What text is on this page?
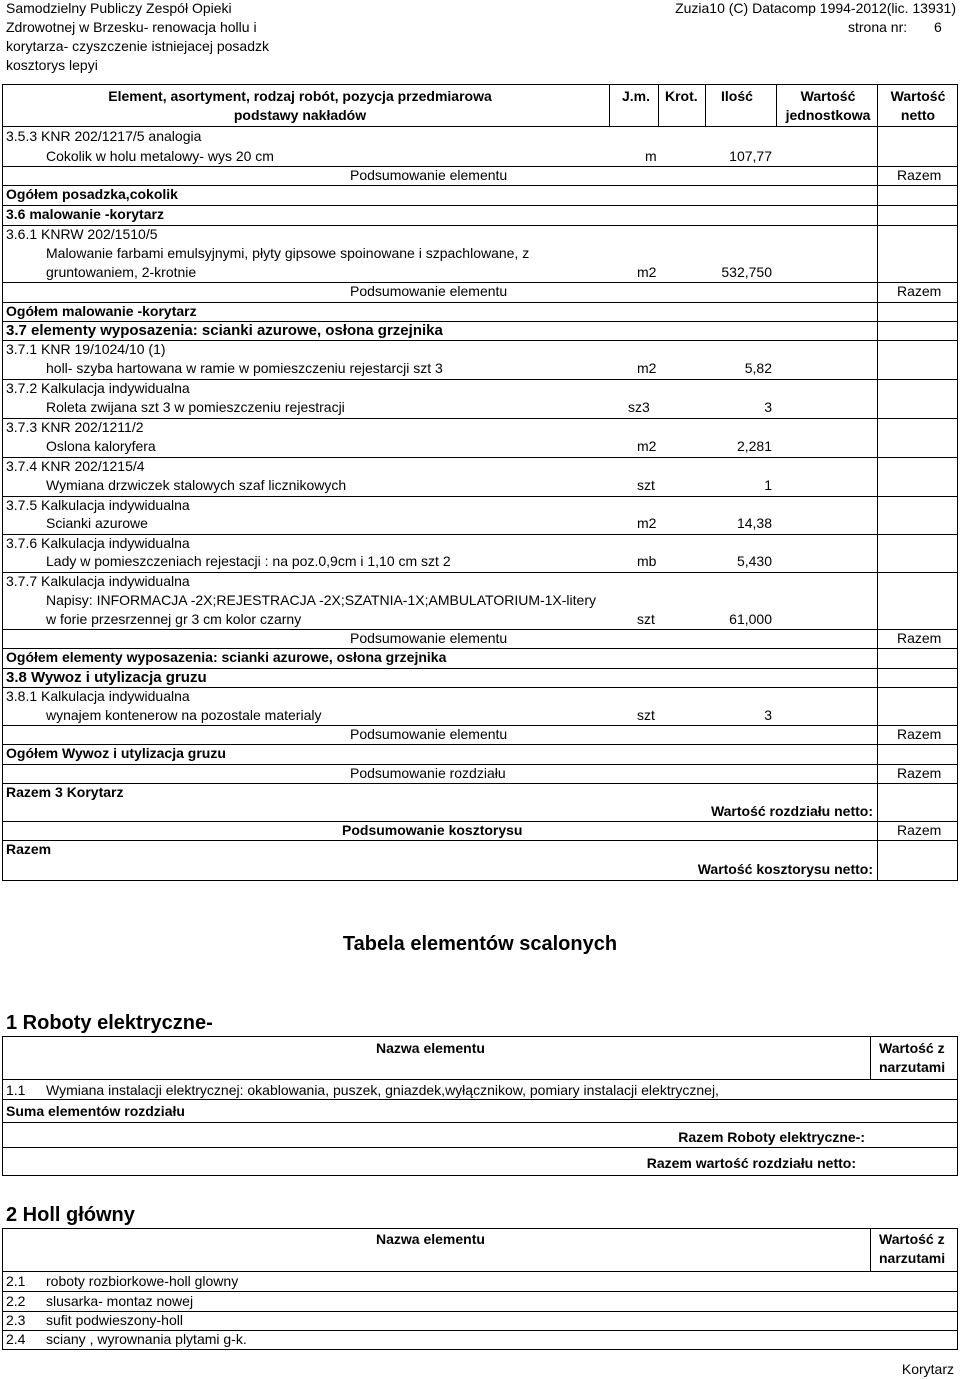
Samodzielny Publiczy Zespół Opieki
Zdrowotnej w Brzesku- renowacja hollu i
korytarza- czyszczenie istniejacej posadzk
kosztorys lepyi
Zuzia10 (C) Datacomp 1994-2012(lic. 13931)
strona nr: 6
Element, asortyment, rodzaj robót, pozycja przedmiarowa
podstawy nakładów
J.m. Krot. Ilość	Wartość
jednostkowa
Wartość
netto
3.5.3 KNR 202/1217/5 analogia
Cokolik w holu metalowy- wys 20 cm	m	107,77
Podsumowanie elementu	Razem
Ogółem posadzka,cokolik
3.6 malowanie -korytarz
3.6.1 KNRW 202/1510/5
Malowanie farbami emulsyjnymi, płyty gipsowe spoinowane i szpachlowane, z
gruntowaniem, 2-krotnie	m2	532,750
Podsumowanie elementu	Razem
Ogółem malowanie -korytarz
3.7 elementy wyposazenia: scianki azurowe, osłona grzejnika
3.7.1 KNR 19/1024/10 (1)
holl- szyba hartowana w ramie w pomieszczeniu rejestarcji szt 3	m2	5,82
3.7.2 Kalkulacja indywidualna
Roleta zwijana szt 3 w pomieszczeniu rejestracji	sz3	3
3.7.3 KNR 202/1211/2
Oslona kaloryfera	m2	2,281
3.7.4 KNR 202/1215/4
Wymiana drzwiczek stalowych szaf licznikowych	szt	1
3.7.5 Kalkulacja indywidualna
Scianki azurowe	m2	14,38
3.7.6 Kalkulacja indywidualna
Lady w pomieszczeniach rejestacji : na poz.0,9cm i 1,10 cm szt 2	mb	5,430
3.7.7 Kalkulacja indywidualna
Napisy: INFORMACJA -2X;REJESTRACJA -2X;SZATNIA-1X;AMBULATORIUM-1X-litery
w forie przesrzennej gr 3 cm kolor czarny	szt	61,000
Podsumowanie elementu	Razem
Ogółem elementy wyposazenia: scianki azurowe, osłona grzejnika
3.8 Wywoz i utylizacja gruzu
3.8.1 Kalkulacja indywidualna
wynajem kontenerow na pozostale materialy	szt	3
Podsumowanie elementu	Razem
Ogółem Wywoz i utylizacja gruzu
Podsumowanie rozdziału	Razem
Razem 3 Korytarz
Wartość rozdziału netto:
Podsumowanie kosztorysu	Razem
Razem
Wartość kosztorysu netto:
Tabela elementów scalonych
1 Roboty elektryczne-
Nazwa elementu	Wartość z
narzutami
1.1 Wymiana instalacji elektrycznej: okablowania, puszek, gniazdek,wyłącznikow, pomiary instalacji elektrycznej,
Suma elementów rozdziału
Razem Roboty elektryczne-:
Razem wartość rozdziału netto:
2 Holl główny
Nazwa elementu	Wartość z
narzutami
2.1 roboty rozbiorkowe-holl glowny
2.2 slusarka- montaz nowej
2.3 sufit podwieszony-holl
2.4 sciany , wyrownania plytami g-k.
Korytarz
